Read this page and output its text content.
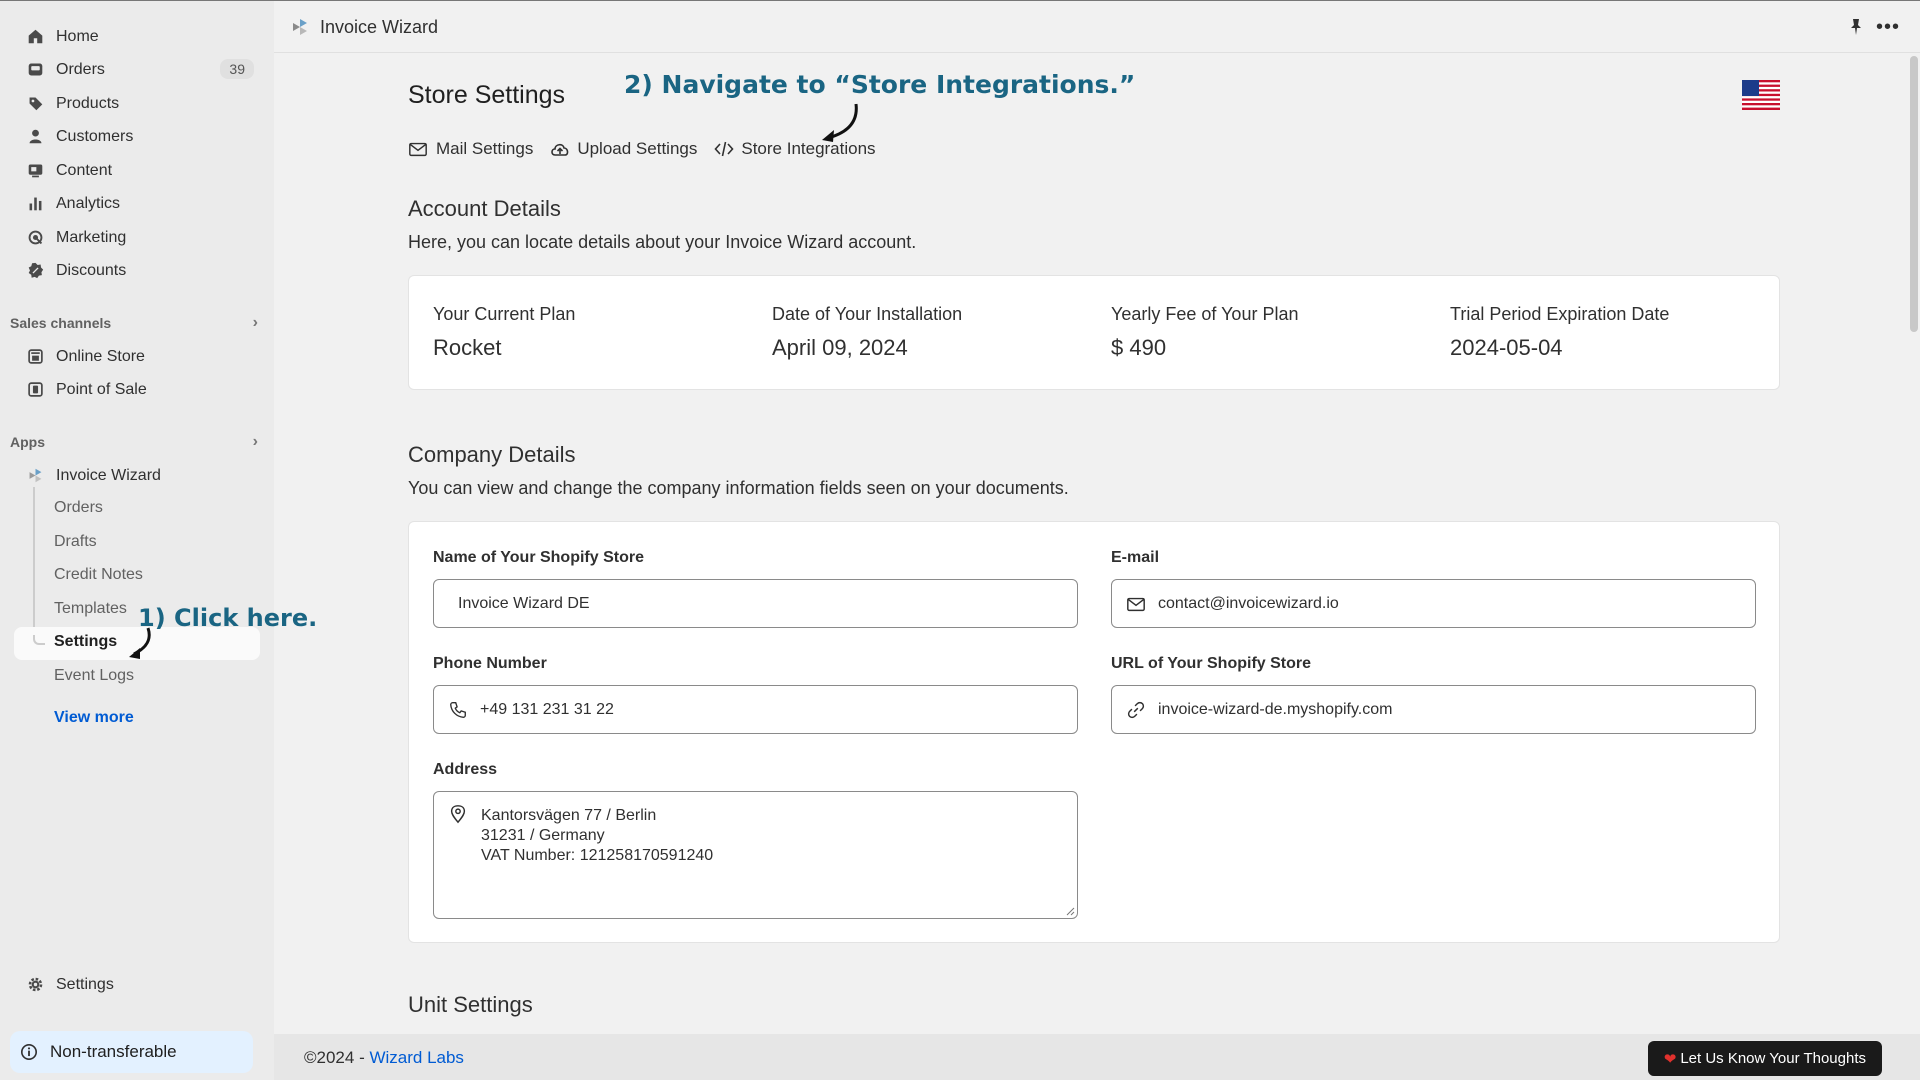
Home
Orders	39
Products
Customers
Content
Analytics
Marketing
Discounts
Sales channels	›
Online Store
Point of Sale
Apps	›
Invoice Wizard
Orders
Drafts
Credit Notes
Templates
Settings
Event Logs
View more
Settings
Non-transferable
Invoice Wizard	•••
Store Settings 2) Navigate to “Store Integrations.”
Mail Settings	Upload Settings	Store Integrations
Account Details
Here, you can locate details about your Invoice Wizard account.
Your Current Plan
Rocket
Date of Your Installation
April 09, 2024
Yearly Fee of Your Plan
$ 490
Trial Period Expiration Date
2024-05-04
Company Details
You can view and change the company information fields seen on your documents.
Name of Your Shopify Store
Invoice Wizard DE
E-mail
contact@invoicewizard.io
Phone Number
+49 131 231 31 22
URL of Your Shopify Store
invoice-wizard-de.myshopify.com
Address
Kantorsvägen 77 / Berlin
31231 / Germany
VAT Number: 121258170591240
Unit Settings
1) Click here.
©2024 - Wizard Labs	❤ Let Us Know Your Thoughts
